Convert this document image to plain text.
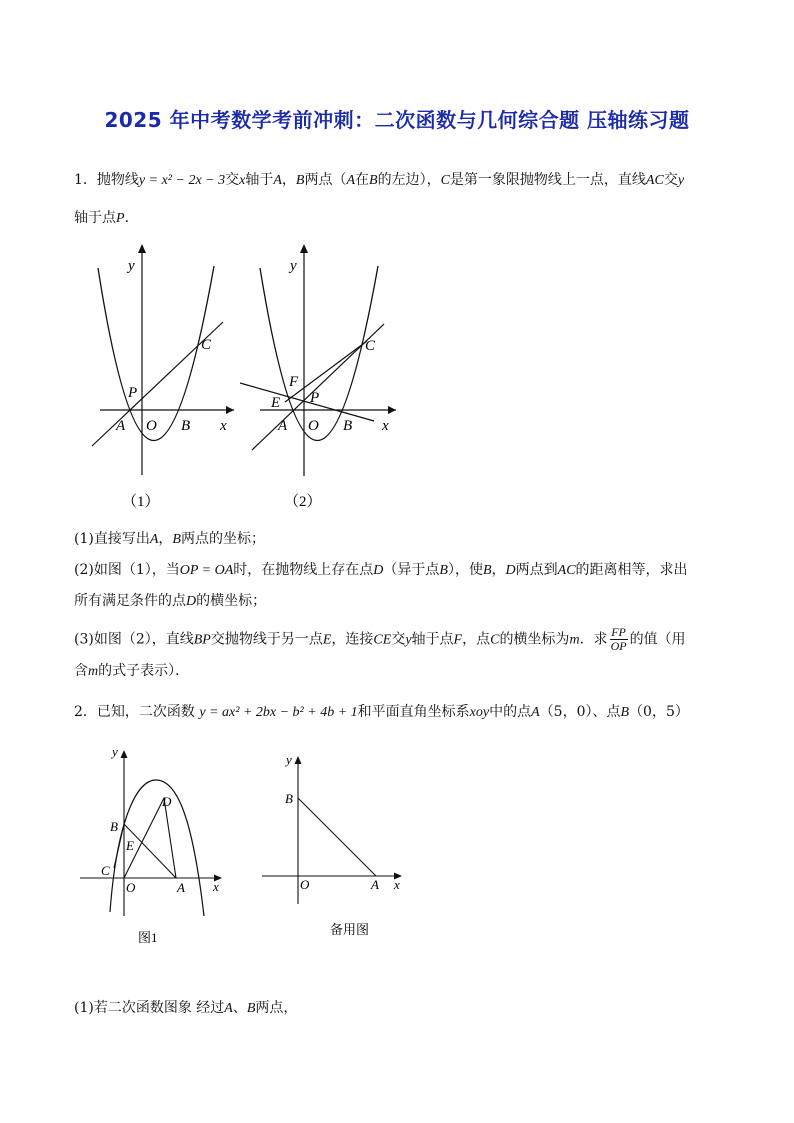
2025 年中考数学考前冲刺：二次函数与几何综合题 压轴练习题
1．抛物线y = x² − 2x − 3交x轴于A，B两点（A在B的左边），C是第一象限抛物线上一点，直线AC交y
轴于点P．
y
x
O
A	B
C
P
（1）
y
x
O
A	B
C
P
E
F
（2）
(1)直接写出A，B两点的坐标；
(2)如图（1），当OP = OA时，在抛物线上存在点D（异于点B），使B，D两点到AC的距离相等，求出
所有满足条件的点D的横坐标；
(3)如图（2），直线BP交抛物线于另一点E，连接CE交y轴于点F，点C的横坐标为m．求 $\frac{FP}{OP}$ 的值（用
含m的式子表示）．
2．已知，二次函数 y = ax² + 2bx − b² + 4b + 1和平面直角坐标系xoy中的点A（5，0）、点B（0，5）
y
x
O	A
B
C
D
E
图1
y
x
O	A
B
备用图
(1)若二次函数图象 经过A、B两点，
